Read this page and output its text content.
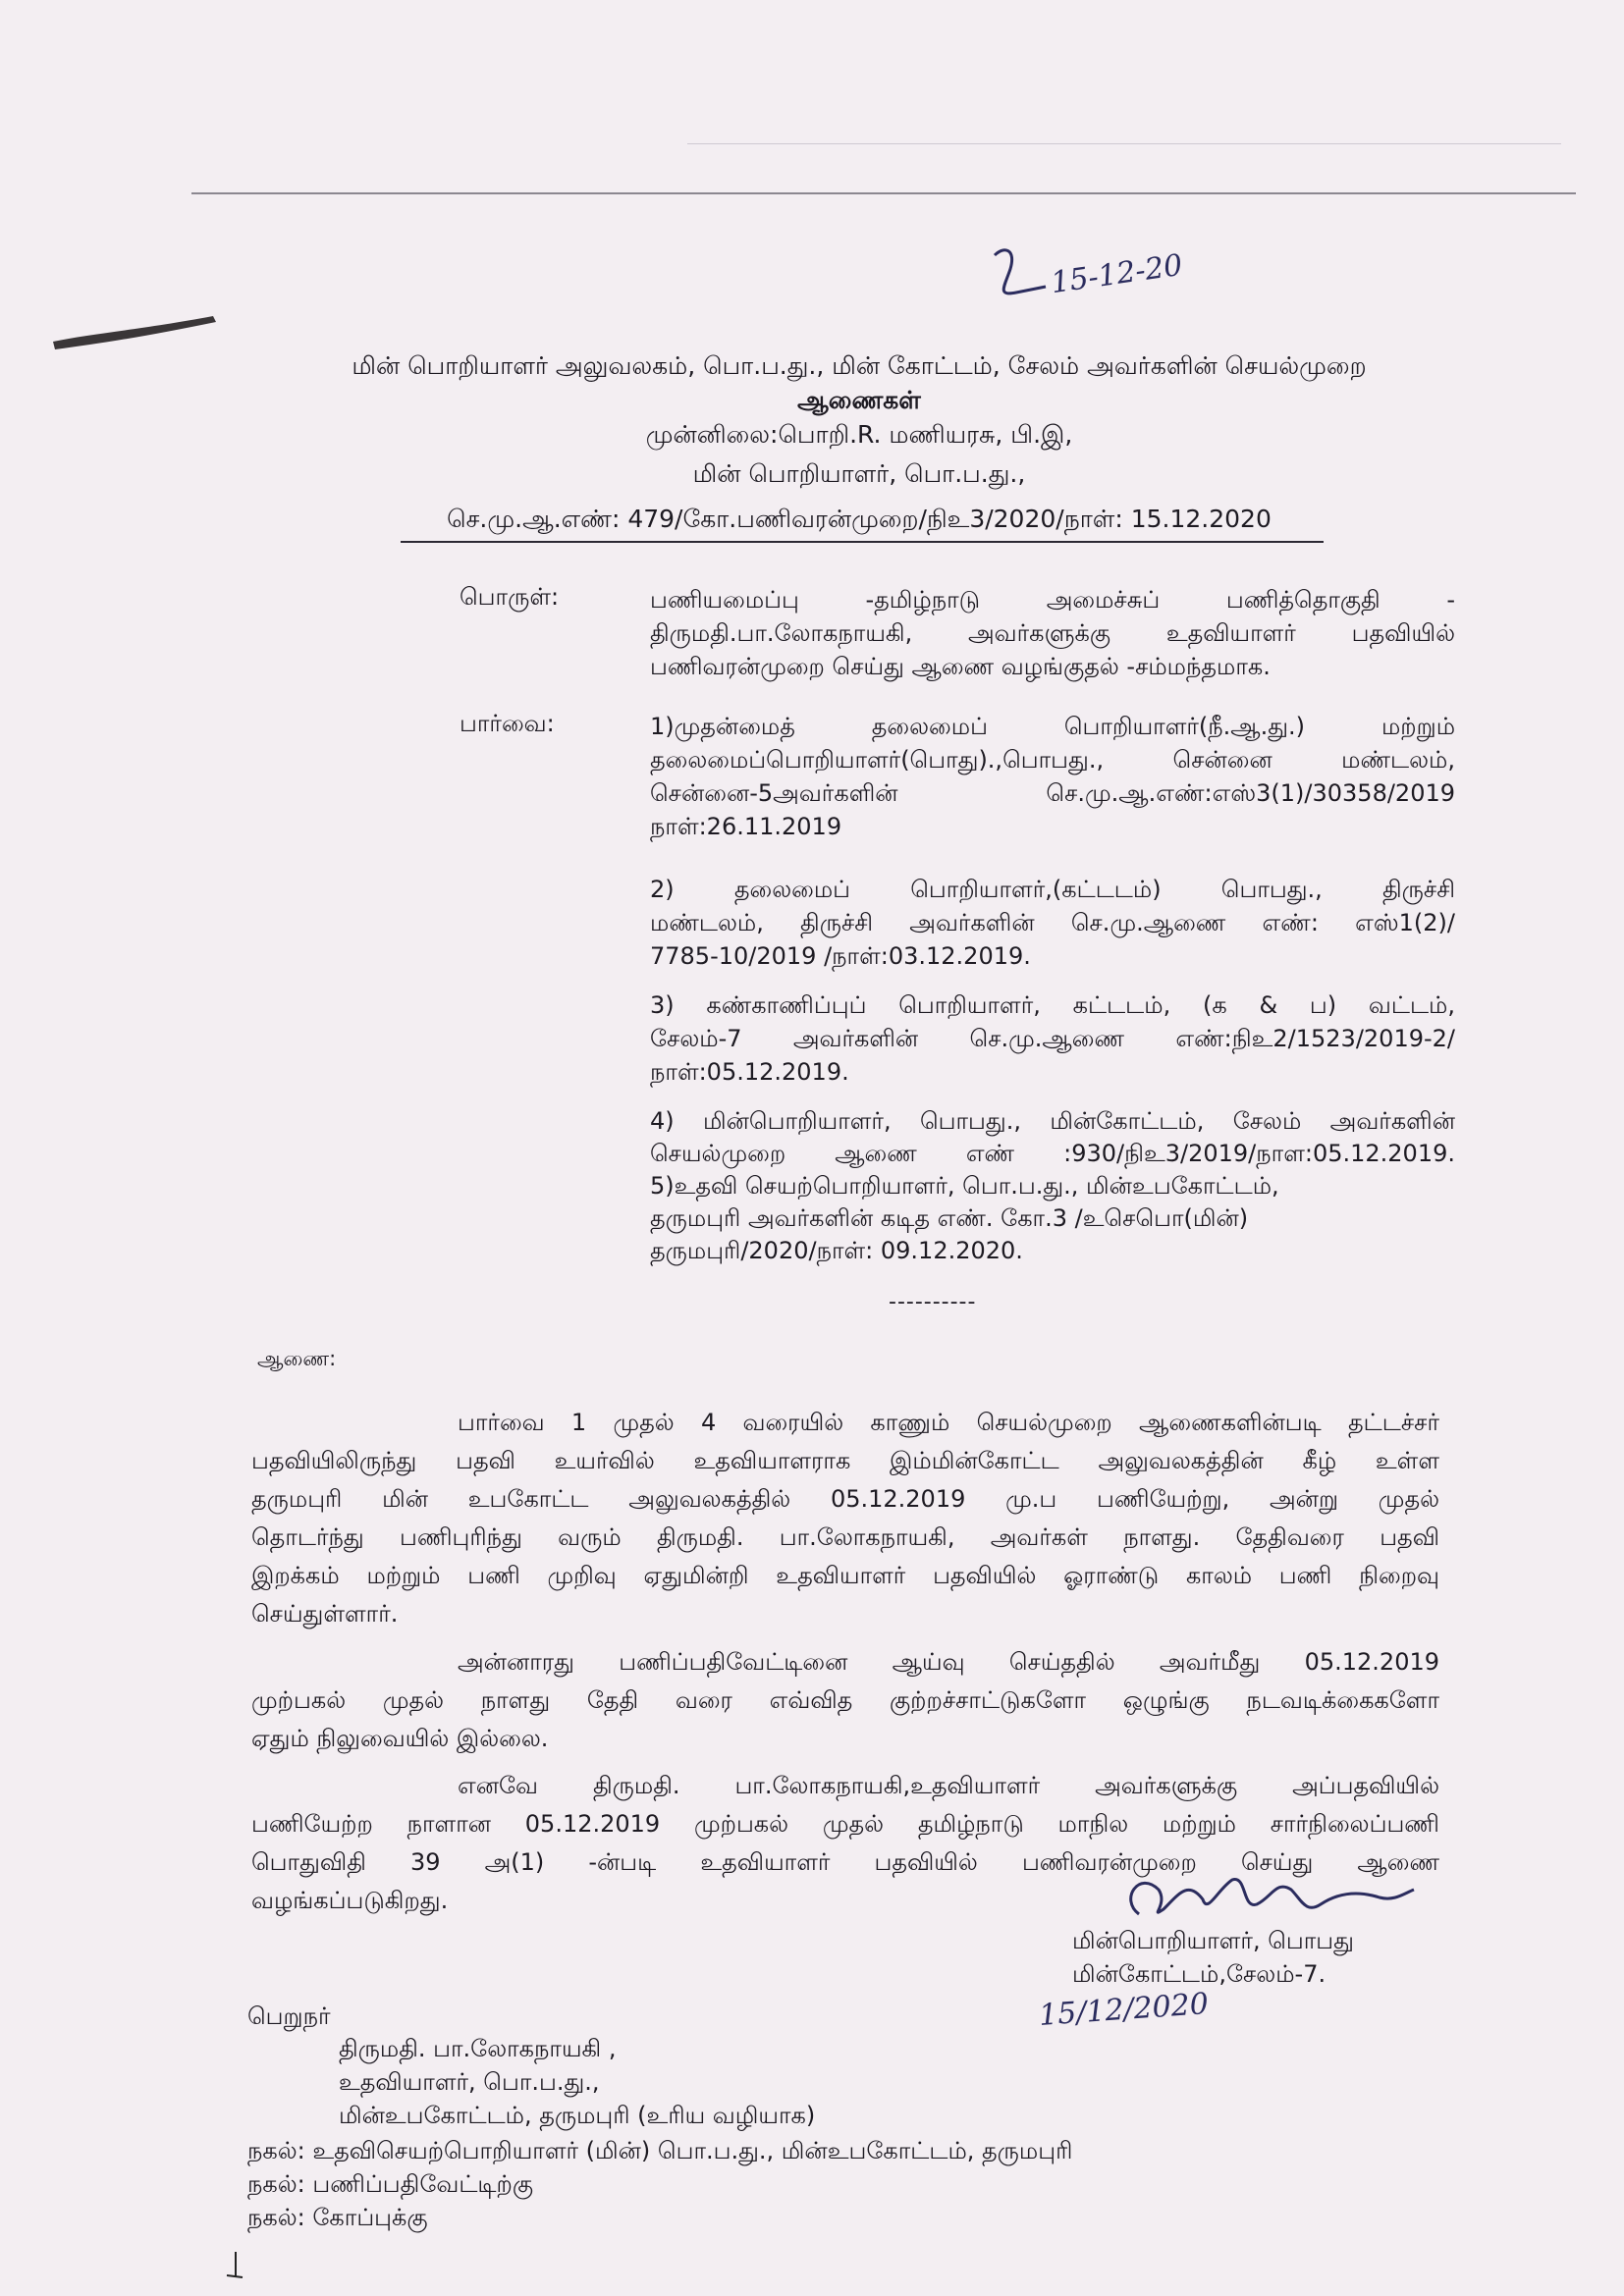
15-12-20
மின் பொறியாளர் அலுவலகம், பொ.ப.து., மின் கோட்டம், சேலம் அவர்களின் செயல்முறை
ஆணைகள்
முன்னிலை:பொறி.R. மணியரசு, பி.இ,
மின் பொறியாளர், பொ.ப.து.,
செ.மு.ஆ.எண்: 479/கோ.பணிவரன்முறை/நிஉ3/2020/நாள்: 15.12.2020
பொருள்:	பணியமைப்பு -தமிழ்நாடு அமைச்சுப் பணித்தொகுதி -

திருமதி.பா.லோகநாயகி, அவர்களுக்கு உதவியாளர் பதவியில்

பணிவரன்முறை செய்து ஆணை வழங்குதல் -சம்மந்தமாக.

பார்வை:	1)முதன்மைத் தலைமைப் பொறியாளர்(நீ.ஆ.து.) மற்றும்

தலைமைப்பொறியாளர்(பொது).,பொபது., சென்னை மண்டலம்,

சென்னை-5அவர்களின் செ.மு.ஆ.எண்:எஸ்3(1)/30358/2019

நாள்:26.11.2019

2) தலைமைப் பொறியாளர்,(கட்டடம்) பொபது., திருச்சி

மண்டலம், திருச்சி அவர்களின் செ.மு.ஆணை எண்: எஸ்1(2)/

7785-10/2019 /நாள்:03.12.2019.

3) கண்காணிப்புப் பொறியாளர், கட்டடம், (க & ப) வட்டம்,

சேலம்-7 அவர்களின் செ.மு.ஆணை எண்:நிஉ2/1523/2019-2/

நாள்:05.12.2019.

4) மின்பொறியாளர், பொபது., மின்கோட்டம், சேலம் அவர்களின்

செயல்முறை ஆணை எண் :930/நிஉ3/2019/நாள:05.12.2019.

5)உதவி செயற்பொறியாளர், பொ.ப.து., மின்உபகோட்டம்,

தருமபுரி அவர்களின் கடித எண். கோ.3 /உசெபொ(மின்)

தருமபுரி/2020/நாள்: 09.12.2020.

----------
ஆணை:

பார்வை 1 முதல் 4 வரையில் காணும் செயல்முறை ஆணைகளின்படி தட்டச்சர்

பதவியிலிருந்து பதவி உயர்வில் உதவியாளராக இம்மின்கோட்ட அலுவலகத்தின் கீழ் உள்ள

தருமபுரி மின் உபகோட்ட அலுவலகத்தில் 05.12.2019 மு.ப பணியேற்று, அன்று முதல்

தொடர்ந்து பணிபுரிந்து வரும் திருமதி. பா.லோகநாயகி, அவர்கள் நாளது. தேதிவரை பதவி

இறக்கம் மற்றும் பணி முறிவு ஏதுமின்றி உதவியாளர் பதவியில் ஓராண்டு காலம் பணி நிறைவு

செய்துள்ளார்.

அன்னாரது பணிப்பதிவேட்டினை ஆய்வு செய்ததில் அவர்மீது 05.12.2019

முற்பகல் முதல் நாளது தேதி வரை எவ்வித குற்றச்சாட்டுகளோ ஒழுங்கு நடவடிக்கைகளோ

ஏதும் நிலுவையில் இல்லை.

எனவே திருமதி. பா.லோகநாயகி,உதவியாளர் அவர்களுக்கு அப்பதவியில்

பணியேற்ற நாளான 05.12.2019 முற்பகல் முதல் தமிழ்நாடு மாநில மற்றும் சார்நிலைப்பணி

பொதுவிதி 39 அ(1) -ன்படி உதவியாளர் பதவியில் பணிவரன்முறை செய்து ஆணை

வழங்கப்படுகிறது.

மின்பொறியாளர், பொபது
மின்கோட்டம்,சேலம்-7.
15/12/2020
பெறுநர்
திருமதி. பா.லோகநாயகி ,
உதவியாளர், பொ.ப.து.,
மின்உபகோட்டம், தருமபுரி (உரிய வழியாக)
நகல்: உதவிசெயற்பொறியாளர் (மின்) பொ.ப.து., மின்உபகோட்டம், தருமபுரி
நகல்: பணிப்பதிவேட்டிற்கு
நகல்: கோப்புக்கு
